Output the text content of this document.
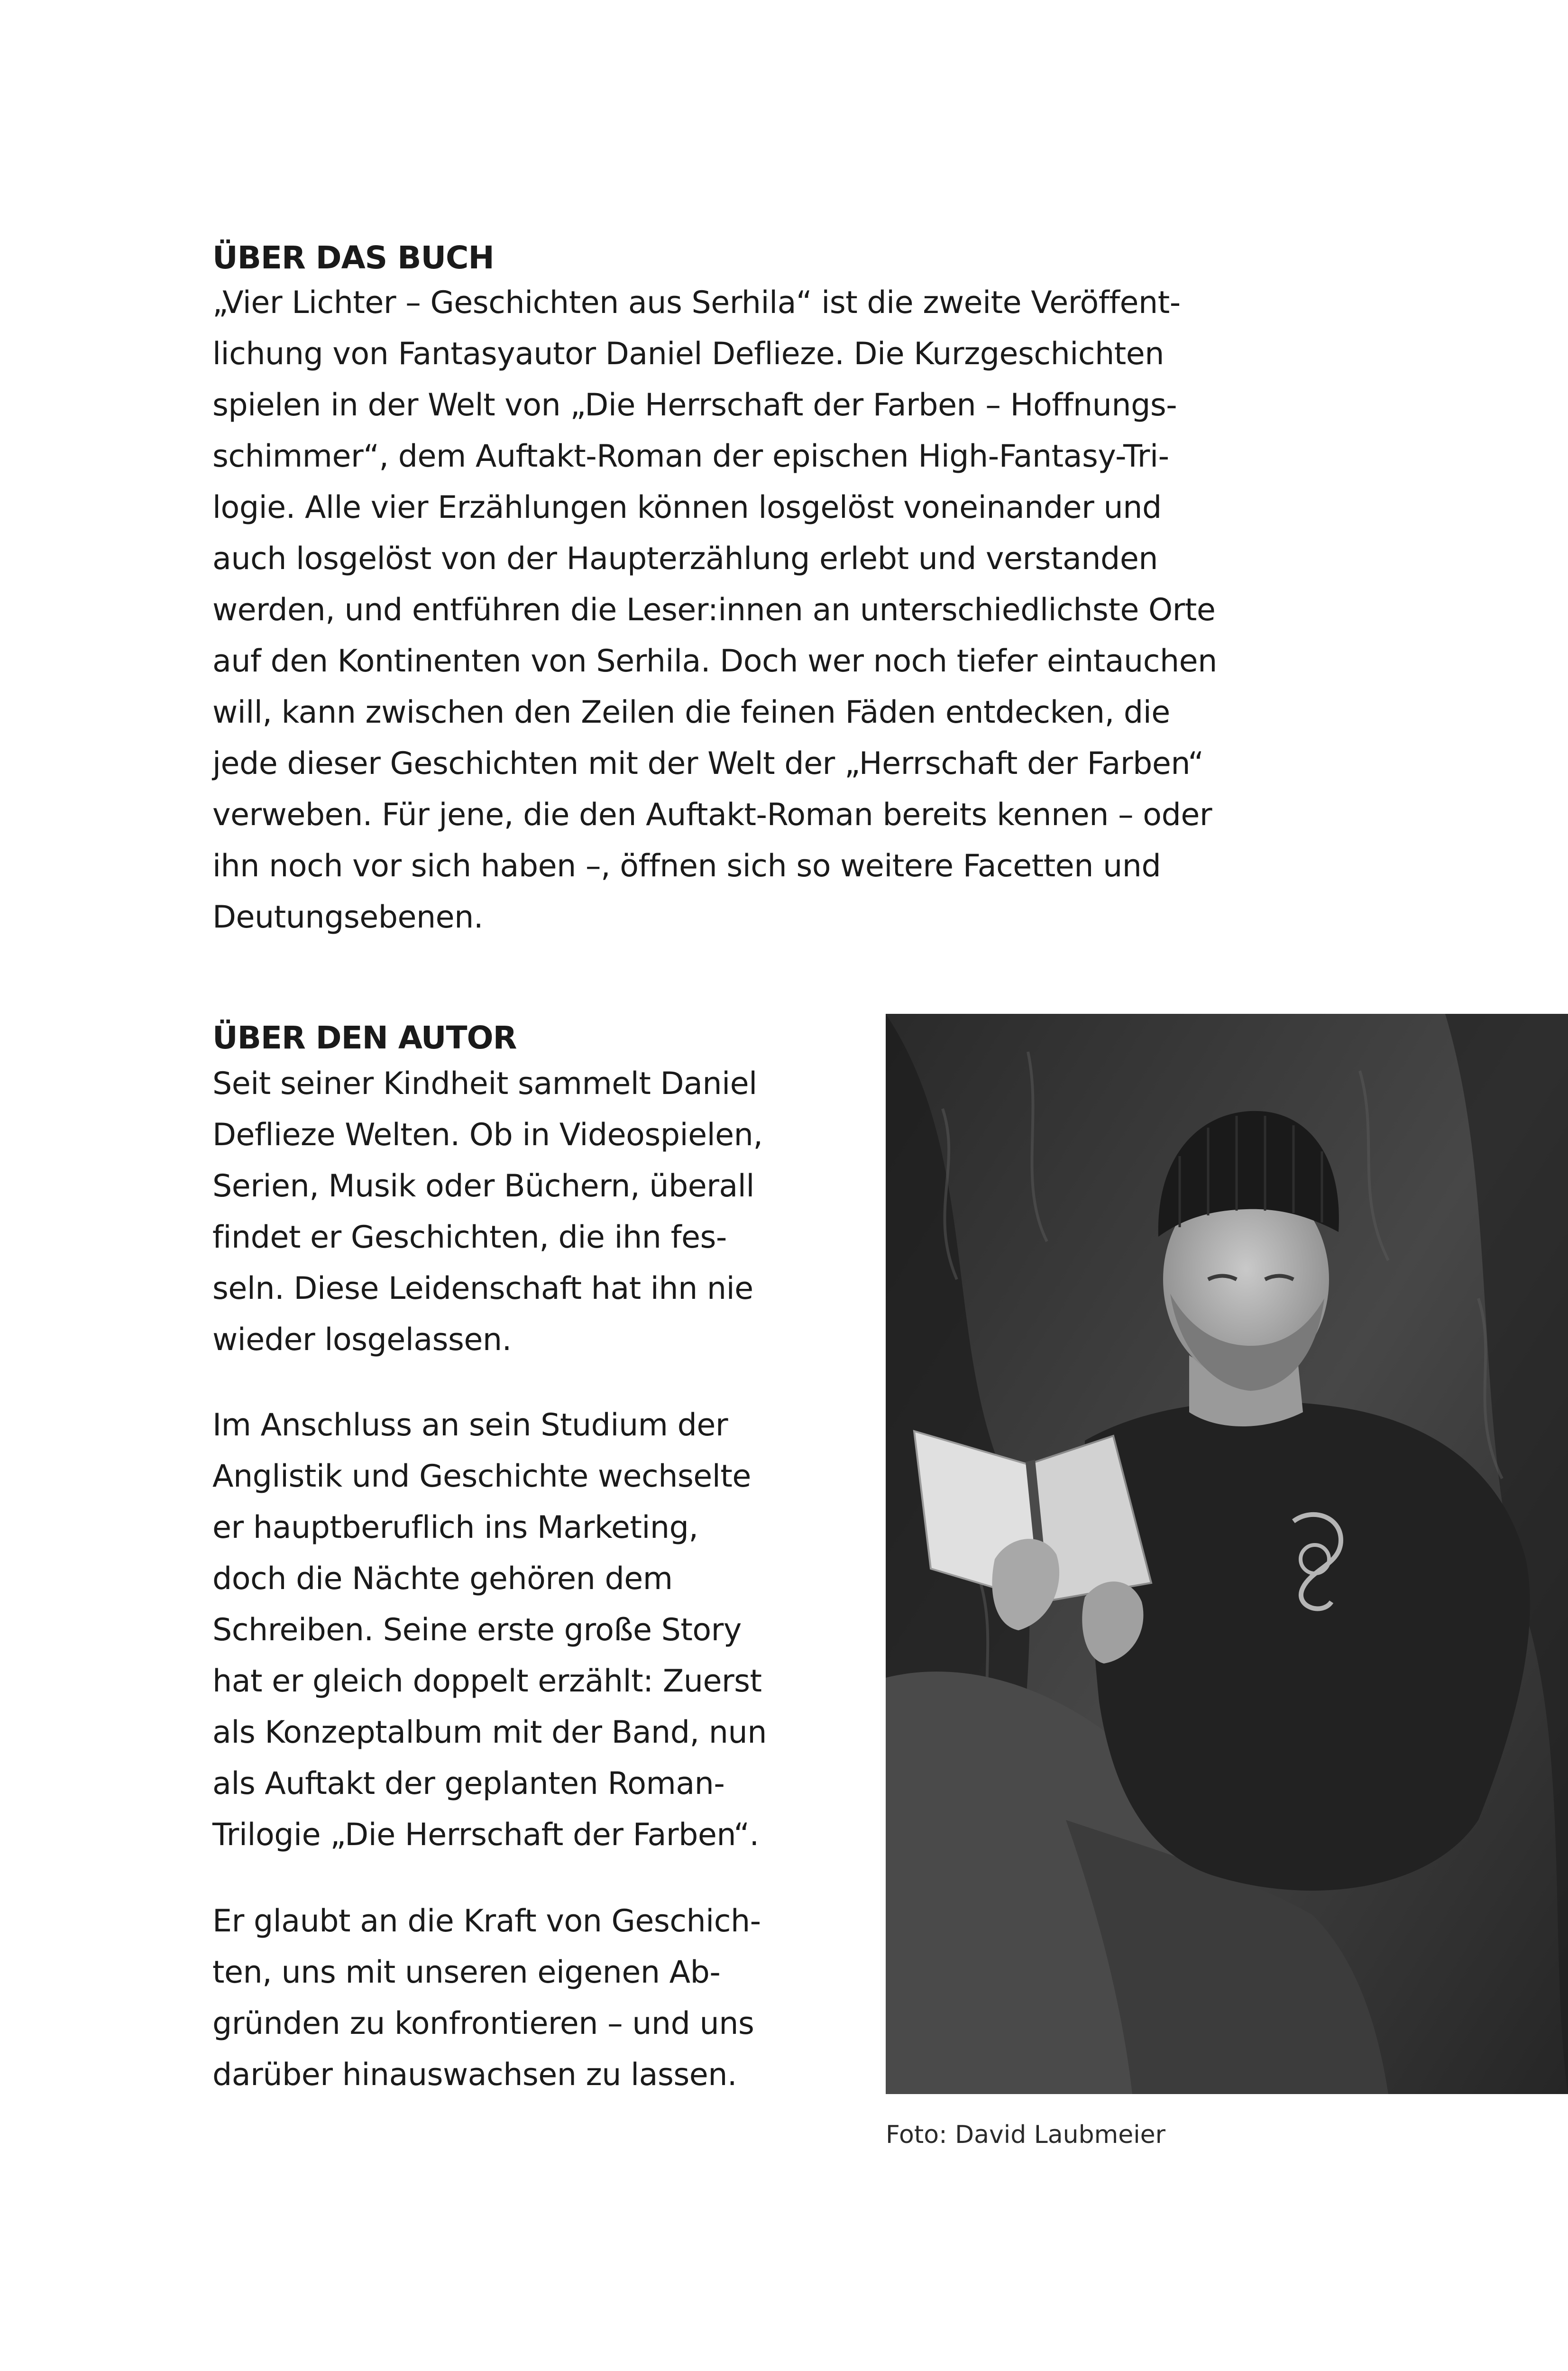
ÜBER DAS BUCH
„Vier Lichter – Geschichten aus Serhila“ ist die zweite Veröffent-
lichung von Fantasyautor Daniel Deflieze. Die Kurzgeschichten
spielen in der Welt von „Die Herrschaft der Farben – Hoffnungs-
schimmer“, dem Auftakt-Roman der epischen High-Fantasy-Tri-
logie. Alle vier Erzählungen können losgelöst voneinander und
auch losgelöst von der Haupterzählung erlebt und verstanden
werden, und entführen die Leser:innen an unterschiedlichste Orte
auf den Kontinenten von Serhila. Doch wer noch tiefer eintauchen
will, kann zwischen den Zeilen die feinen Fäden entdecken, die
jede dieser Geschichten mit der Welt der „Herrschaft der Farben“
verweben. Für jene, die den Auftakt-Roman bereits kennen – oder
ihn noch vor sich haben –, öffnen sich so weitere Facetten und
Deutungsebenen.
ÜBER DEN AUTOR
Seit seiner Kindheit sammelt Daniel
Deflieze Welten. Ob in Videospielen,
Serien, Musik oder Büchern, überall
findet er Geschichten, die ihn fes-
seln. Diese Leidenschaft hat ihn nie
wieder losgelassen.
Im Anschluss an sein Studium der
Anglistik und Geschichte wechselte
er hauptberuflich ins Marketing,
doch die Nächte gehören dem
Schreiben. Seine erste große Story
hat er gleich doppelt erzählt: Zuerst
als Konzeptalbum mit der Band, nun
als Auftakt der geplanten Roman-
Trilogie „Die Herrschaft der Farben“.
Er glaubt an die Kraft von Geschich-
ten, uns mit unseren eigenen Ab-
gründen zu konfrontieren – und uns
darüber hinauswachsen zu lassen.
Foto: David Laubmeier
